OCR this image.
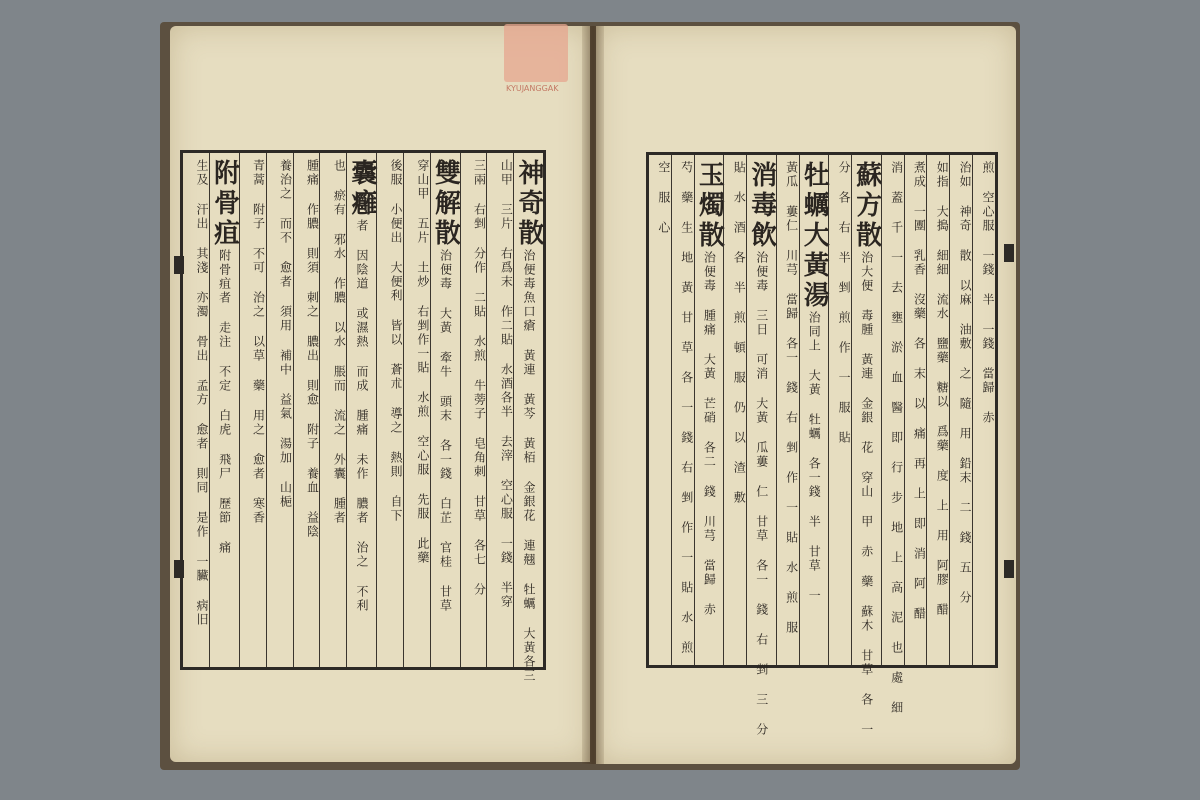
KYUJANGGAK
神奇散治便毒魚口瘡 黃連 黃芩 黃栢 金銀花 連翹 牡蠣 大黃各三
山甲 三片 右爲末 作二貼 水酒各半 去滓 空心服 一錢 半穿
三兩 右剉 分作 二貼 水煎 牛蒡子 皂角刺 甘草 各七 分
雙解散治便毒 大黃 牽牛 頭末 各一錢 白芷 官桂 甘草
穿山甲 五片 土炒 右剉作一貼 水煎 空心服 先服 此藥
後服 小便出 大便利 皆以 蒼朮 導之 熱則 自下
囊癰者 因陰道 或濕熱 而成 腫痛 未作 膿者 治之 不利
也 瘀有 邪水 作膿 以水 脹而 流之 外囊 腫者
腫痛 作膿 則須 刺之 膿出 則愈 附子 養血 益陰
養治之 而不 愈者 須用 補中 益氣 湯加 山梔
青蒿 附子 不可 治之 以草 藥 用之 愈者 寒香
附骨疽附骨疽者 走注 不定 白虎 飛尸 歷節 痛
生及 汗出 其淺 亦濁 骨出 孟方 愈者 則同 是作 一臟 病旧	煎 空心服 一錢 半 一錢 當歸 赤
治如 神奇 散 以麻 油敷 之 隨 用 鉛末 二 錢 五 分
如指 大搗 細細 流水 鹽藥 糖以 爲藥 度 上 用 阿膠 醋
煮成 一團 乳香 沒藥 各 末 以 痛 再 上 即 消 阿 醋
消 蓋 千 一 去 壅 淤 血 醫 即 行 步 地 上 高 泥 也 處 細
蘇方散治大便 毒腫 黃連 金銀 花 穿山 甲 赤 藥 蘇木 甘草 各 一
分 各 右 半 剉 煎 作 一 服 貼
牡蠣大黃湯治同上 大黃 牡蠣 各一錢 半 甘草 一
黃瓜 蔞仁 川芎 當歸 各一 錢 右 剉 作 一 貼 水 煎 服
消毒飲治便毒 三日 可消 大黃 瓜蔞 仁 甘草 各一 錢 右 剉 三 分
貼 水 酒 各 半 煎 頓 服 仍 以 渣 敷
玉燭散治便毒 腫痛 大黃 芒硝 各二 錢 川芎 當歸 赤
芍 藥 生 地 黃 甘 草 各 一 錢 右 剉 作 一 貼 水 煎
空 服 心
